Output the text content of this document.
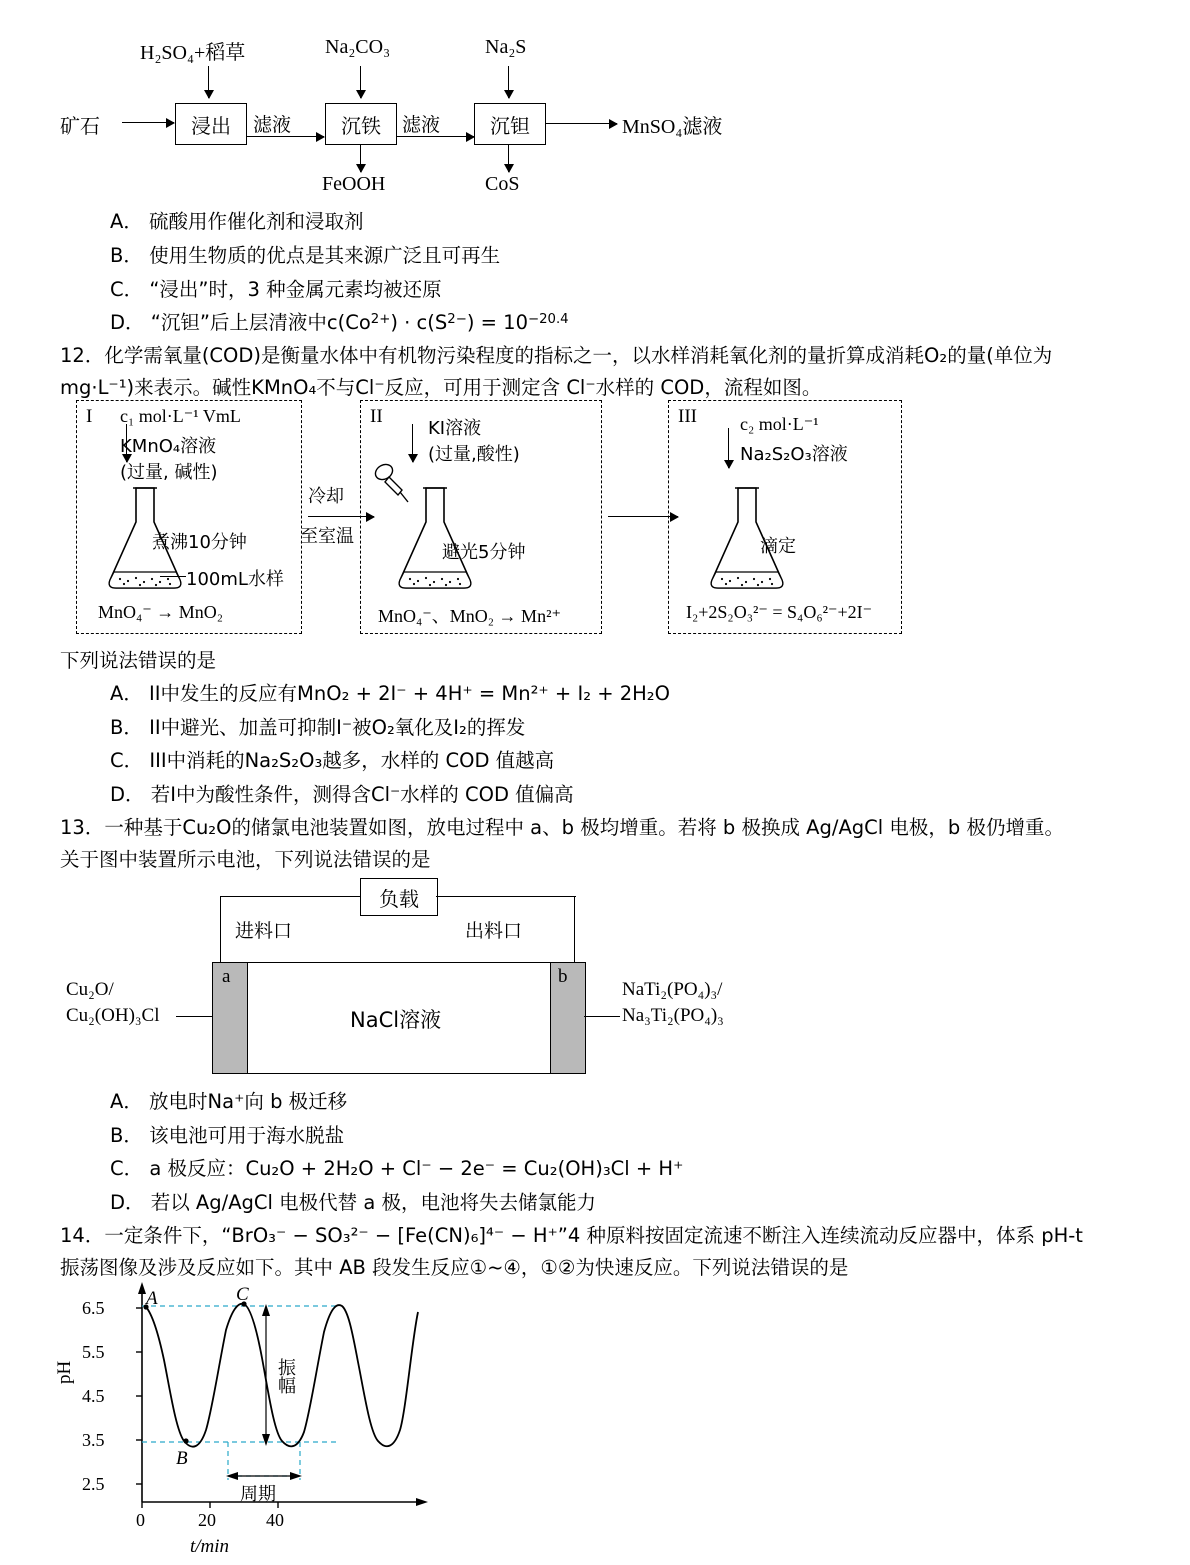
H₂SO₄+稻草	Na₂CO₃	Na₂S
矿石	浸出	滤液	沉铁	滤液	沉钽	MnSO₄滤液
FeOOH	CoS
A． 硫酸用作催化剂和浸取剂
B． 使用生物质的优点是其来源广泛且可再生
C． “浸出”时，3 种金属元素均被还原
D． “沉钽”后上层清液中$c(Co^{2+}) \cdot c(S^{2-}) = 10^{-20.4}$
12．化学需氧量(COD)是衡量水体中有机物污染程度的指标之一，以水样消耗氧化剂的量折算成消耗O₂的量(单位为
mg·L⁻¹)来表示。碱性KMnO₄不与Cl⁻反应，可用于测定含 Cl⁻水样的 COD，流程如图。
I c₁ mol·L⁻¹ VmL
KMnO₄溶液
(过量, 碱性)
煮沸10分钟
100mL水样
MnO₄⁻ → MnO₂
冷却
至室温
II
KI溶液
(过量,酸性)
避光5分钟
MnO₄⁻、MnO₂ → Mn²⁺
III c₂ mol·L⁻¹
Na₂S₂O₃溶液
滴定
I₂+2S₂O₃²⁻ = S₄O₆²⁻+2I⁻
下列说法错误的是
A． II中发生的反应有MnO₂ + 2I⁻ + 4H⁺ = Mn²⁺ + I₂ + 2H₂O
B． II中避光、加盖可抑制I⁻被O₂氧化及I₂的挥发
C． III中消耗的Na₂S₂O₃越多，水样的 COD 值越高
D． 若I中为酸性条件，测得含Cl⁻水样的 COD 值偏高
13．一种基于Cu₂O的储氯电池装置如图，放电过程中 a、b 极均增重。若将 b 极换成 Ag/AgCl 电极，b 极仍增重。
关于图中装置所示电池，下列说法错误的是
负载
进料口	出料口
a	b
NaCl溶液
Cu₂O/
Cu₂(OH)₃Cl
NaTi₂(PO₄)₃/
Na₃Ti₂(PO₄)₃
A． 放电时Na⁺向 b 极迁移
B． 该电池可用于海水脱盐
C． a 极反应：Cu₂O + 2H₂O + Cl⁻ − 2e⁻ = Cu₂(OH)₃Cl + H⁺
D． 若以 Ag/AgCl 电极代替 a 极，电池将失去储氯能力
14．一定条件下，“BrO₃⁻ − SO₃²⁻ − [Fe(CN)₆]⁴⁻ − H⁺”4 种原料按固定流速不断注入连续流动反应器中，体系 pH-t
振荡图像及涉及反应如下。其中 AB 段发生反应①~④，①②为快速反应。下列说法错误的是
6.5
5.5
4.5
3.5
2.5
0	20	40
pH
t/min
A
B
C
振幅
周期
